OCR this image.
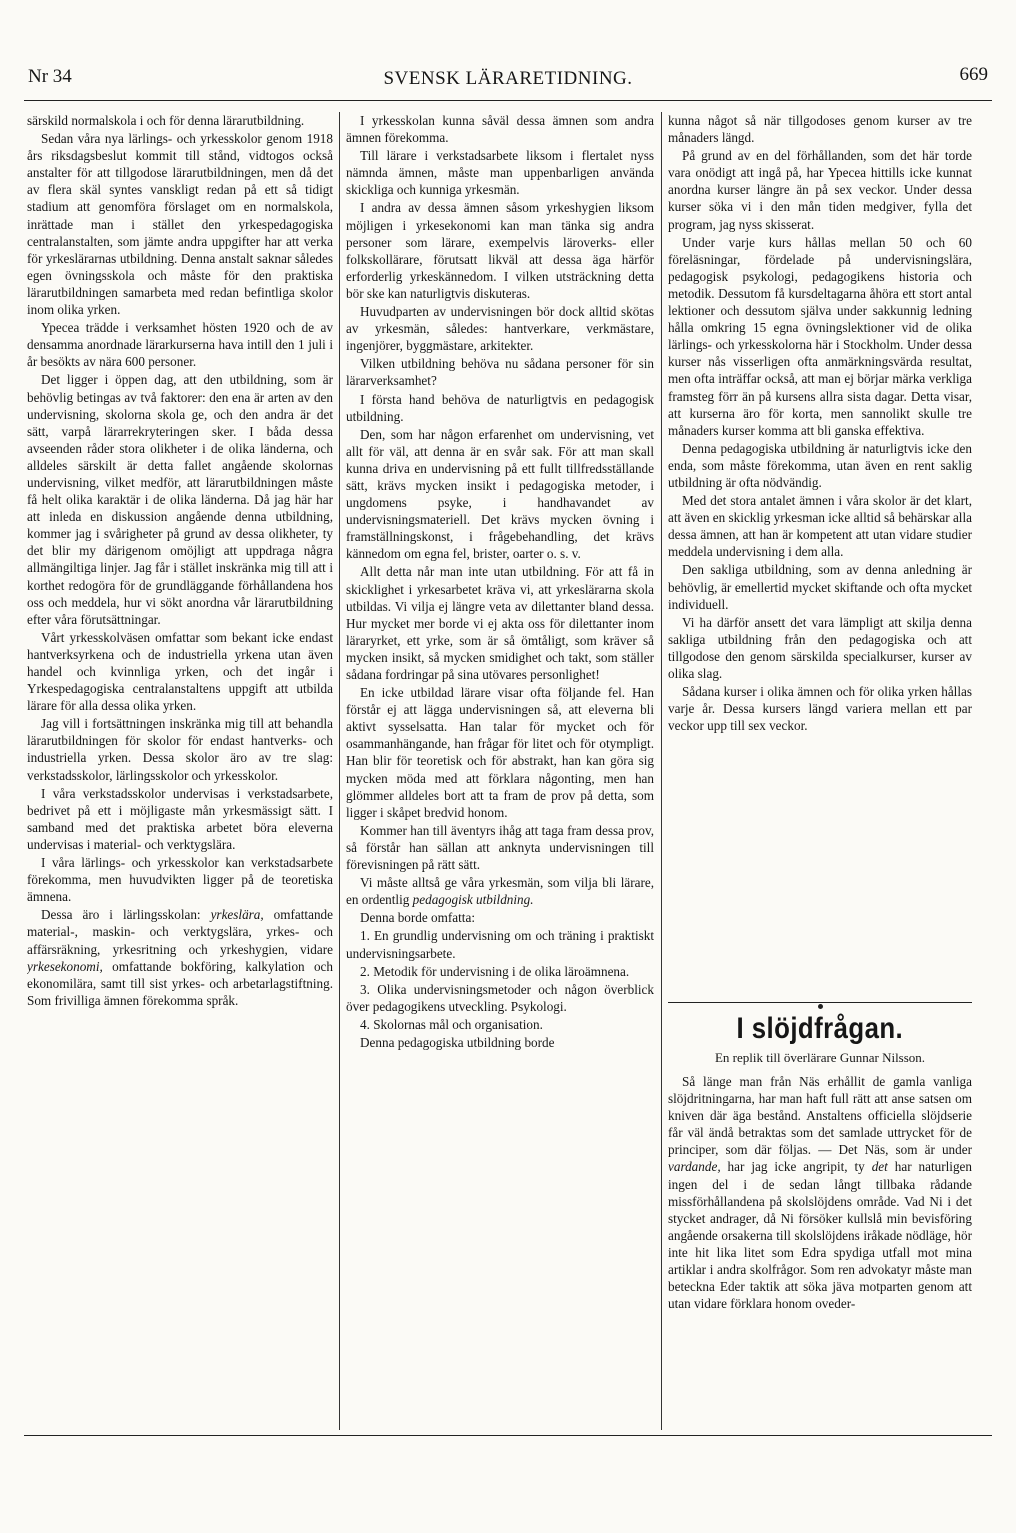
Nr 34	SVENSK LÄRARETIDNING.	669

särskild normalskola i och för denna lärarutbildning.

Sedan våra nya lärlings- och yrkesskolor genom 1918 års riksdagsbeslut kommit till stånd, vidtogos också anstalter för att tillgodose lärarutbildningen, men då det av flera skäl syntes vanskligt redan på ett så tidigt stadium att genomföra förslaget om en normalskola, inrättade man i stället den yrkespedagogiska centralanstalten, som jämte andra uppgifter har att verka för yrkeslärarnas utbildning. Denna anstalt saknar således egen övningsskola och måste för den praktiska lärarutbildningen samarbeta med redan befintliga skolor inom olika yrken.

Ypecea trädde i verksamhet hösten 1920 och de av densamma anordnade lärarkurserna hava intill den 1 juli i år besökts av nära 600 personer.

Det ligger i öppen dag, att den utbildning, som är behövlig betingas av två faktorer: den ena är arten av den undervisning, skolorna skola ge, och den andra är det sätt, varpå lärarrekryteringen sker. I båda dessa avseenden råder stora olikheter i de olika länderna, och alldeles särskilt är detta fallet angående skolornas undervisning, vilket medför, att lärarutbildningen måste få helt olika karaktär i de olika länderna. Då jag här har att inleda en diskussion angående denna utbildning, kommer jag i svårigheter på grund av dessa olikheter, ty det blir my därigenom omöjligt att uppdraga några allmängiltiga linjer. Jag får i stället inskränka mig till att i korthet redogöra för de grundläggande förhållandena hos oss och meddela, hur vi sökt anordna vår lärarutbildning efter våra förutsättningar.

Vårt yrkesskolväsen omfattar som bekant icke endast hantverksyrkena och de industriella yrkena utan även handel och kvinnliga yrken, och det ingår i Yrkespedagogiska centralanstaltens uppgift att utbilda lärare för alla dessa olika yrken.

Jag vill i fortsättningen inskränka mig till att behandla lärarutbildningen för skolor för endast hantverks- och industriella yrken. Dessa skolor äro av tre slag: verkstadsskolor, lärlingsskolor och yrkesskolor.

I våra verkstadsskolor undervisas i verkstadsarbete, bedrivet på ett i möjligaste mån yrkesmässigt sätt. I samband med det praktiska arbetet böra eleverna undervisas i material- och verktygslära.

I våra lärlings- och yrkesskolor kan verkstadsarbete förekomma, men huvudvikten ligger på de teoretiska ämnena.

Dessa äro i lärlingsskolan: yrkeslära, omfattande material-, maskin- och verktygslära, yrkes- och affärsräkning, yrkesritning och yrkeshygien, vidare yrkesekonomi, omfattande bokföring, kalkylation och ekonomilära, samt till sist yrkes- och arbetarlagstiftning. Som frivilliga ämnen förekomma språk.

I yrkesskolan kunna såväl dessa ämnen som andra ämnen förekomma.

Till lärare i verkstadsarbete liksom i flertalet nyss nämnda ämnen, måste man uppenbarligen använda skickliga och kunniga yrkesmän.

I andra av dessa ämnen såsom yrkeshygien liksom möjligen i yrkesekonomi kan man tänka sig andra personer som lärare, exempelvis läroverks- eller folkskollärare, förutsatt likväl att dessa äga härför erforderlig yrkeskännedom. I vilken utsträckning detta bör ske kan naturligtvis diskuteras.

Huvudparten av undervisningen bör dock alltid skötas av yrkesmän, således: hantverkare, verkmästare, ingenjörer, byggmästare, arkitekter.

Vilken utbildning behöva nu sådana personer för sin lärarverksamhet?

I första hand behöva de naturligtvis en pedagogisk utbildning.

Den, som har någon erfarenhet om undervisning, vet allt för väl, att denna är en svår sak. För att man skall kunna driva en undervisning på ett fullt tillfredsställande sätt, krävs mycken insikt i pedagogiska metoder, i ungdomens psyke, i handhavandet av undervisningsmateriell. Det krävs mycken övning i framställningskonst, i frågebehandling, det krävs kännedom om egna fel, brister, oarter o. s. v.

Allt detta når man inte utan utbildning. För att få in skicklighet i yrkesarbetet kräva vi, att yrkeslärarna skola utbildas. Vi vilja ej längre veta av dilettanter bland dessa. Hur mycket mer borde vi ej akta oss för dilettanter inom läraryrket, ett yrke, som är så ömtåligt, som kräver så mycken insikt, så mycken smidighet och takt, som ställer sådana fordringar på sina utövares personlighet!

En icke utbildad lärare visar ofta följande fel. Han förstår ej att lägga undervisningen så, att eleverna bli aktivt sysselsatta. Han talar för mycket och för osammanhängande, han frågar för litet och för otympligt. Han blir för teoretisk och för abstrakt, han kan göra sig mycken möda med att förklara någonting, men han glömmer alldeles bort att ta fram de prov på detta, som ligger i skåpet bredvid honom.

Kommer han till äventyrs ihåg att taga fram dessa prov, så förstår han sällan att anknyta undervisningen till förevisningen på rätt sätt.

Vi måste alltså ge våra yrkesmän, som vilja bli lärare, en ordentlig pedagogisk utbildning.

Denna borde omfatta:

1. En grundlig undervisning om och träning i praktiskt undervisningsarbete.

2. Metodik för undervisning i de olika läroämnena.

3. Olika undervisningsmetoder och någon överblick över pedagogikens utveckling. Psykologi.

4. Skolornas mål och organisation.

Denna pedagogiska utbildning borde

kunna något så när tillgodoses genom kurser av tre månaders längd.

På grund av en del förhållanden, som det här torde vara onödigt att ingå på, har Ypecea hittills icke kunnat anordna kurser längre än på sex veckor. Under dessa kurser söka vi i den mån tiden medgiver, fylla det program, jag nyss skisserat.

Under varje kurs hållas mellan 50 och 60 föreläsningar, fördelade på undervisningslära, pedagogisk psykologi, pedagogikens historia och metodik. Dessutom få kursdeltagarna åhöra ett stort antal lektioner och dessutom själva under sakkunnig ledning hålla omkring 15 egna övningslektioner vid de olika lärlings- och yrkesskolorna här i Stockholm. Under dessa kurser nås visserligen ofta anmärkningsvärda resultat, men ofta inträffar också, att man ej börjar märka verkliga framsteg förr än på kursens allra sista dagar. Detta visar, att kurserna äro för korta, men sannolikt skulle tre månaders kurser komma att bli ganska effektiva.

Denna pedagogiska utbildning är naturligtvis icke den enda, som måste förekomma, utan även en rent saklig utbildning är ofta nödvändig.

Med det stora antalet ämnen i våra skolor är det klart, att även en skicklig yrkesman icke alltid så behärskar alla dessa ämnen, att han är kompetent att utan vidare studier meddela undervisning i dem alla.

Den sakliga utbildning, som av denna anledning är behövlig, är emellertid mycket skiftande och ofta mycket individuell.

Vi ha därför ansett det vara lämpligt att skilja denna sakliga utbildning från den pedagogiska och att tillgodose den genom särskilda specialkurser, kurser av olika slag.

Sådana kurser i olika ämnen och för olika yrken hållas varje år. Dessa kursers längd variera mellan ett par veckor upp till sex veckor.

I slöjdfrågan.
En replik till överlärare Gunnar Nilsson.

Så länge man från Näs erhållit de gamla vanliga slöjdritningarna, har man haft full rätt att anse satsen om kniven där äga bestånd. Anstaltens officiella slöjdserie får väl ändå betraktas som det samlade uttrycket för de principer, som där följas. — Det Näs, som är under vardande, har jag icke angripit, ty det har naturligen ingen del i de sedan långt tillbaka rådande missförhållandena på skolslöjdens område. Vad Ni i det stycket andrager, då Ni försöker kullslå min bevisföring angående orsakerna till skolslöjdens iråkade nödläge, hör inte hit lika litet som Edra spydiga utfall mot mina artiklar i andra skolfrågor. Som ren advokatyr måste man beteckna Eder taktik att söka jäva motparten genom att utan vidare förklara honom oveder-
